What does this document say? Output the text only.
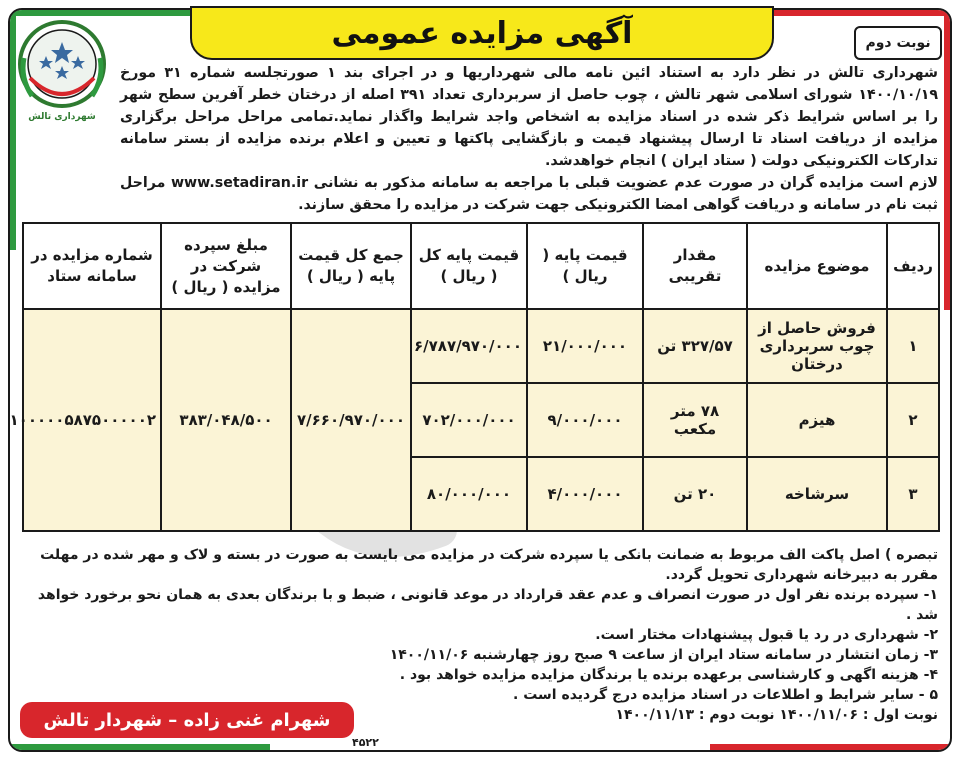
آگهی مزایده عمومی	نوبت دوم
شهرداری تالش

شهرداری تالش در نظر دارد به استناد ائین نامه مالی شهرداریها و در اجرای بند ۱ صورتجلسه شماره ۳۱ مورخ ۱۴۰۰/۱۰/۱۹ شورای اسلامی شهر تالش ، چوب حاصل از سربرداری تعداد ۳۹۱ اصله از درختان خطر آفرین سطح شهر را بر اساس شرایط ذکر شده در اسناد مزایده به اشخاص واجد شرایط واگذار نماید.تمامی مراحل مراحل برگزاری مزایده از دریافت اسناد تا ارسال پیشنهاد قیمت و بازگشایی پاکتها و تعیین و اعلام برنده مزایده از بستر سامانه تدارکات الکترونیکی دولت ( ستاد ایران ) انجام خواهدشد.

لازم است مزایده گران در صورت عدم عضویت قبلی با مراجعه به سامانه مذکور به نشانی www.setadiran.ir مراحل ثبت نام در سامانه و دریافت گواهی امضا الکترونیکی جهت شرکت در مزایده را محقق سازند.

ردیف	موضوع مزایده	مقدار تقریبی	قیمت پایه ( ریال )	قیمت پایه کل ( ریال )	جمع کل قیمت پایه ( ریال )	مبلغ سپرده شرکت در مزایده ( ریال )	شماره مزایده در سامانه ستاد
۱	فروش حاصل از چوب سربرداری درختان	۳۲۷/۵۷ تن	۲۱/۰۰۰/۰۰۰	۶/۷۸۷/۹۷۰/۰۰۰	۷/۶۶۰/۹۷۰/۰۰۰	۳۸۳/۰۴۸/۵۰۰	۱۰۰۰۰۰۵۸۷۵۰۰۰۰۰۲
۲	هیزم	۷۸ متر مکعب	۹/۰۰۰/۰۰۰	۷۰۲/۰۰۰/۰۰۰			
۳	سرشاخه	۲۰ تن	۴/۰۰۰/۰۰۰	۸۰/۰۰۰/۰۰۰			

تبصره ) اصل پاکت الف مربوط به ضمانت بانکی یا سپرده شرکت در مزایده می بایست به صورت در بسته و لاک و مهر شده در مهلت مقرر به دبیرخانه شهرداری تحویل گردد.

۱- سپرده برنده نفر اول در صورت انصراف و عدم عقد قرارداد در موعد قانونی ، ضبط و با برندگان بعدی به همان نحو برخورد خواهد شد .

۲- شهرداری در رد یا قبول پیشنهادات مختار است.

۳- زمان انتشار در سامانه ستاد ایران از ساعت ۹ صبح روز چهارشنبه ۱۴۰۰/۱۱/۰۶

۴- هزینه اگهی و کارشناسی برعهده برنده یا برندگان مزایده مزایده خواهد بود .

۵ - سایر شرایط و اطلاعات در اسناد مزایده درج گردیده است .

نوبت اول : ۱۴۰۰/۱۱/۰۶ نوبت دوم : ۱۴۰۰/۱۱/۱۳

شهرام غنی زاده – شهردار تالش
۴۵۲۲
